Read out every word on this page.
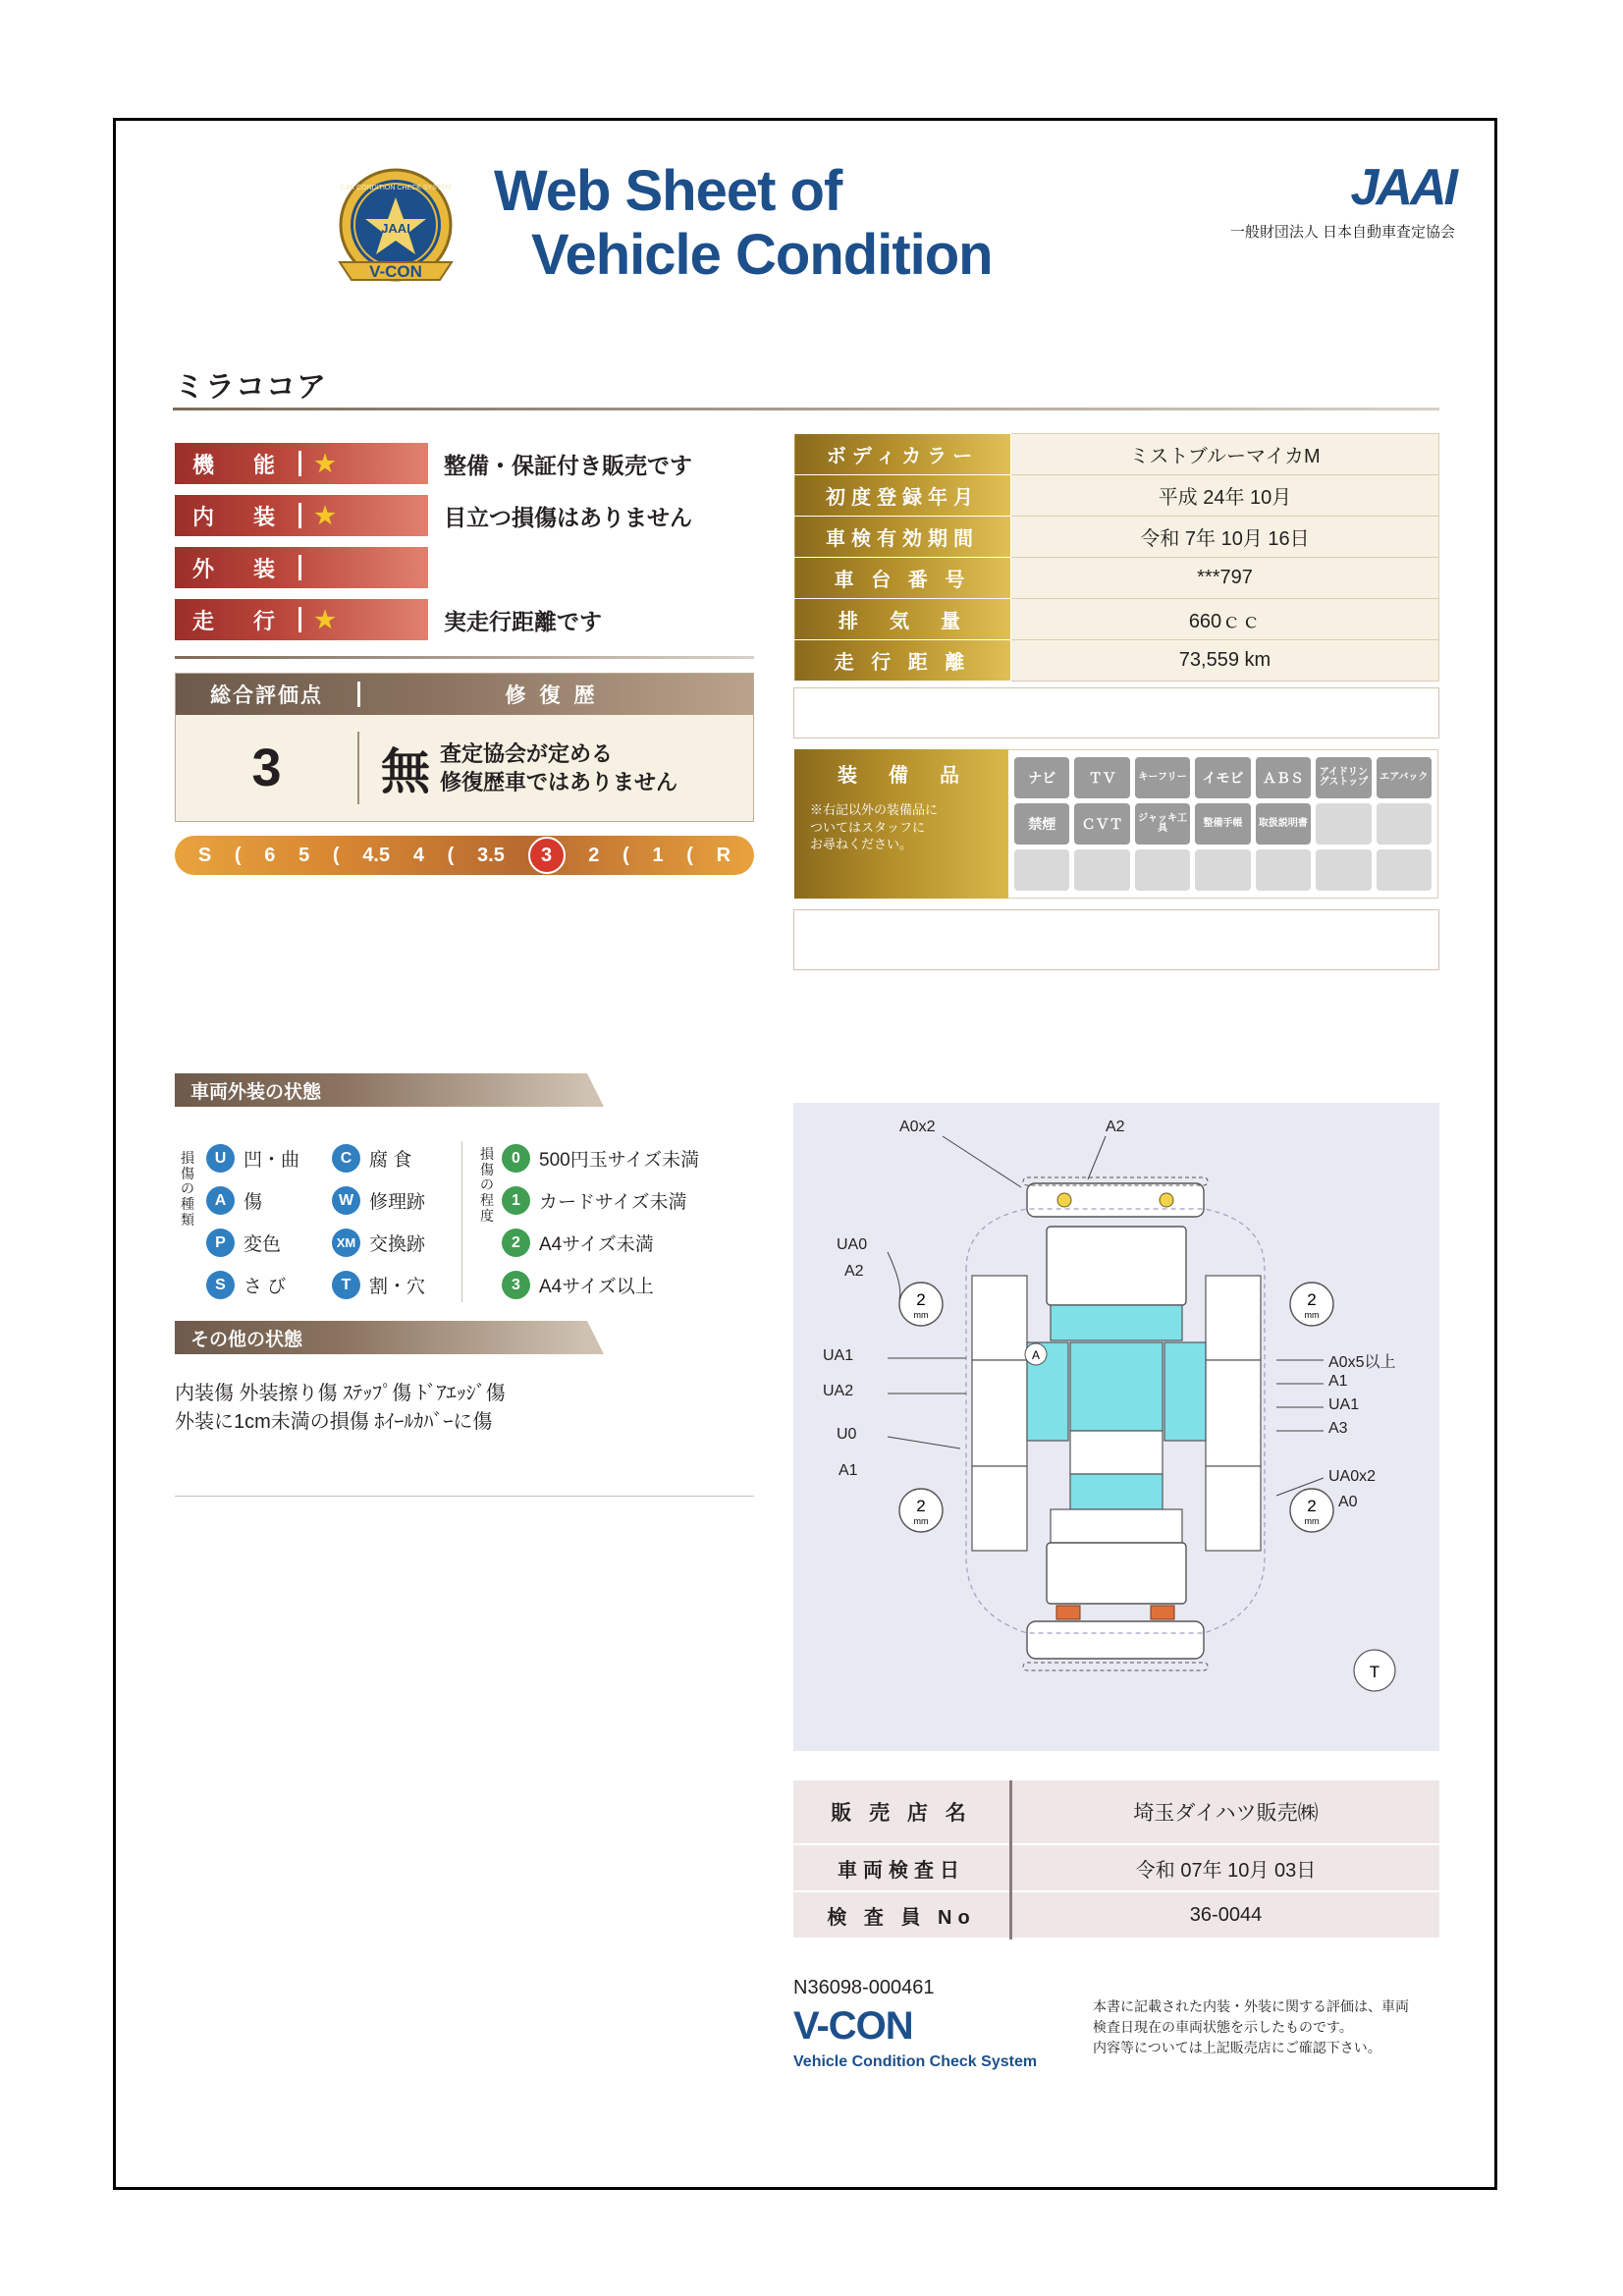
JAAI
CAR CONDITION CHECK SYSTEM
V-CON
Web Sheet of
Vehicle Condition
JAAI
一般財団法人 日本自動車査定協会
ミラココア
機　能	★	整備・保証付き販売です
内　装	★	目立つ損傷はありません
外　装
走　行	★	実走行距離です
総合評価点	修復歴
3	無 査定協会が定める
修復歴車ではありません
S ( 6 5 ( 4.5 4 ( 3.5	3	2 ( 1 ( R
ボディカラー	ミストブルーマイカM
初度登録年月	平成 24年 10月
車検有効期間	令和 7年 10月 16日
車 台 番 号	***797
排　気　量	660ｃｃ
走 行 距 離	73,559 km
装　備　品
※右記以外の装備品に
ついてはスタッフに
お尋ねください。
ナビ	ＴＶ	キーフリー	イモビ	ＡＢＳ	アイドリングストップ	エアバック
禁煙	ＣＶＴ	ジャッキ工具	整備手帳	取扱説明書
車両外装の状態
損
傷
の
種
類
U 凹・曲
A 傷
P 変色
S さ び
C 腐 食
W 修理跡
XM 交換跡
T 割・穴
損
傷
の
程
度
0	500円玉サイズ未満
1	カードサイズ未満
2	A4サイズ未満
3	A4サイズ以上
その他の状態
内装傷 外装擦り傷 ｽﾃｯﾌﾟ傷 ﾄﾞｱｴｯｼﾞ傷
外装に1cm未満の損傷 ﾎｲｰﾙｶﾊﾞｰに傷
2
mm
2
mm
2
mm
2
mm
A
T
A0x2	A2
UA0
A2
UA1
UA2
U0
A1
A0x5以上
A1
UA1
A3
UA0x2
A0
販 売 店 名	埼玉ダイハツ販売㈱
車両検査日	令和 07年 10月 03日
検 査 員 No	36-0044
N36098-000461
V-CON
Vehicle Condition Check System
本書に記載された内装・外装に関する評価は、車両
検査日現在の車両状態を示したものです。
内容等については上記販売店にご確認下さい。
